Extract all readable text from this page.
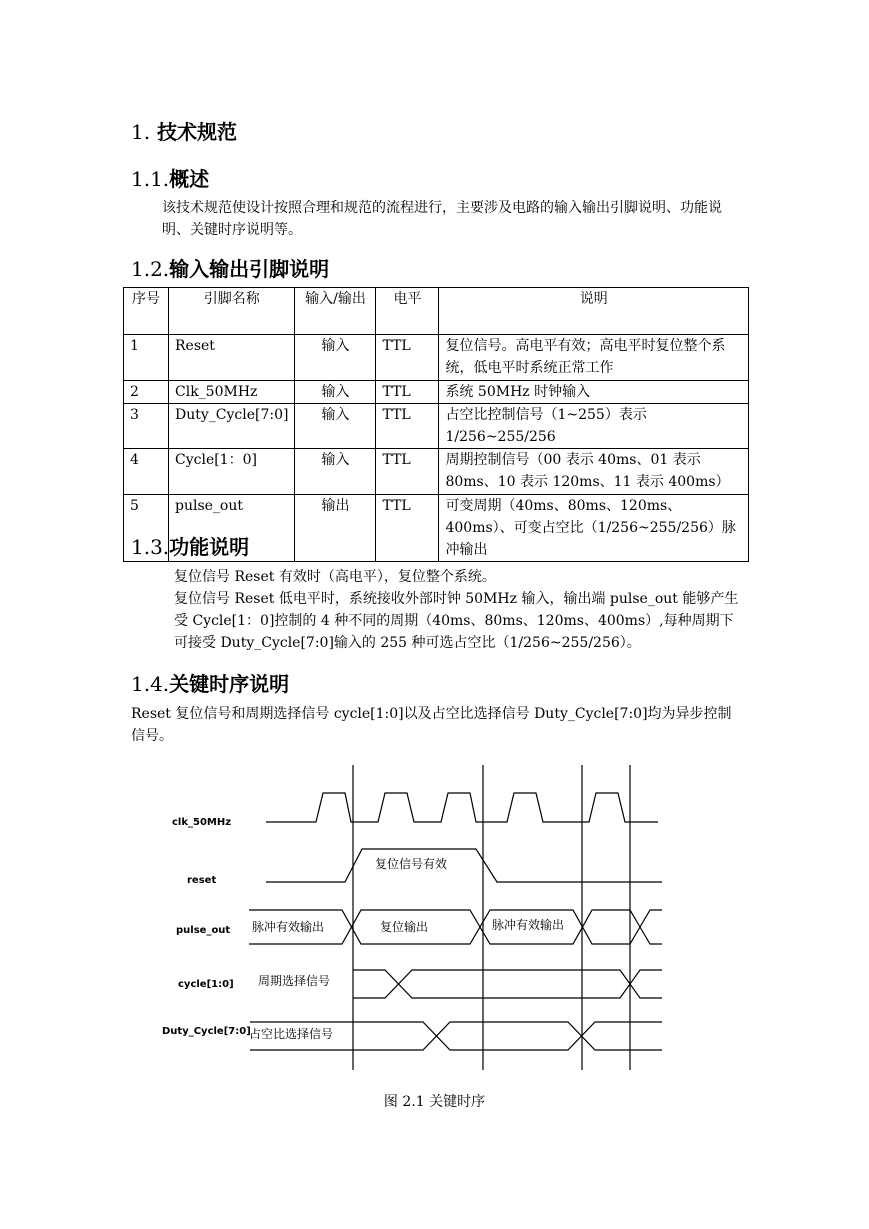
1. 技术规范
1.1.概述
该技术规范使设计按照合理和规范的流程进行，主要涉及电路的输入输出引脚说明、功能说明、关键时序说明等。
1.2.输入输出引脚说明
序号	引脚名称	输入/输出	电平	说明
1	Reset	输入	TTL	复位信号。高电平有效；高电平时复位整个系统，低电平时系统正常工作
2	Clk_50MHz	输入	TTL	系统 50MHz 时钟输入
3	Duty_Cycle[7:0]	输入	TTL	占空比控制信号（1~255）表示 1/256~255/256
4	Cycle[1：0]	输入	TTL	周期控制信号（00 表示 40ms、01 表示 80ms、10 表示 120ms、11 表示 400ms）
5	pulse_out	输出	TTL	可变周期（40ms、80ms、120ms、400ms）、可变占空比（1/256~255/256）脉冲输出
1.3.功能说明
复位信号 Reset 有效时（高电平），复位整个系统。
复位信号 Reset 低电平时，系统接收外部时钟 50MHz 输入，输出端 pulse_out 能够产生受 Cycle[1：0]控制的 4 种不同的周期（40ms、80ms、120ms、400ms）,每种周期下可接受 Duty_Cycle[7:0]输入的 255 种可选占空比（1/256~255/256）。
1.4.关键时序说明
Reset 复位信号和周期选择信号 cycle[1:0]以及占空比选择信号 Duty_Cycle[7:0]均为异步控制信号。
clk_50MHz
reset
pulse_out
cycle[1:0]
Duty_Cycle[7:0]
复位信号有效
脉冲有效输出	复位输出	脉冲有效输出
周期选择信号
占空比选择信号
图 2.1 关键时序
